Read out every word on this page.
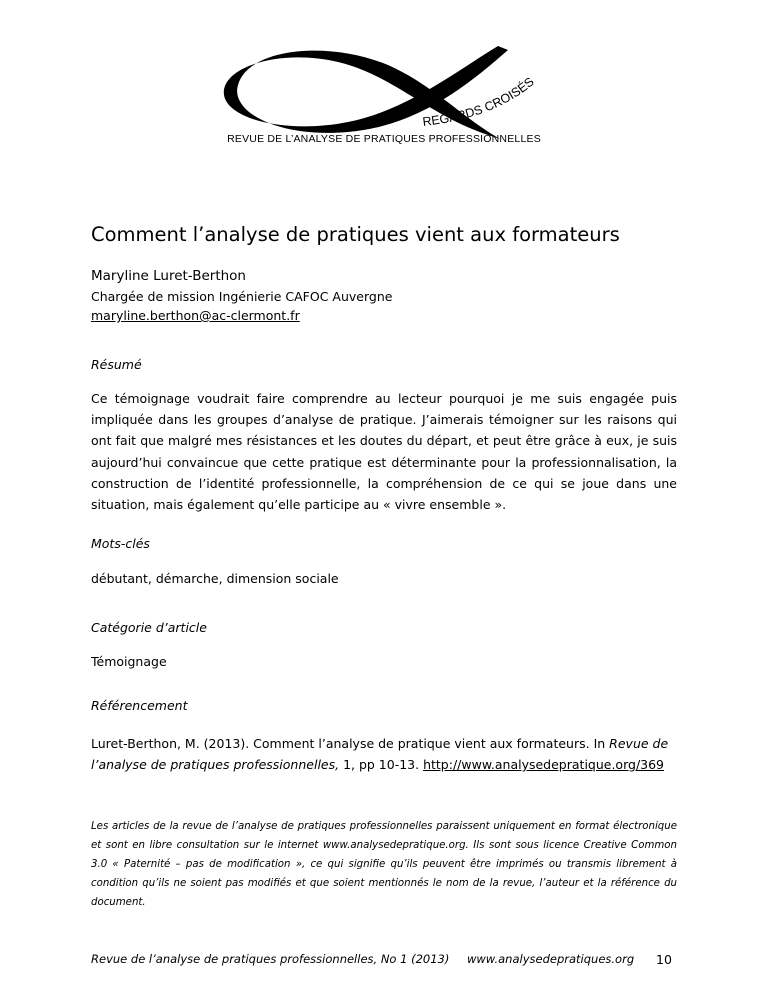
REGARDS CROISÉS
REVUE DE L’ANALYSE DE PRATIQUES PROFESSIONNELLES
Comment l’analyse de pratiques vient aux formateurs
Maryline Luret-Berthon
Chargée de mission Ingénierie CAFOC Auvergne
maryline.berthon@ac-clermont.fr
Résumé
Ce témoignage voudrait faire comprendre au lecteur pourquoi je me suis engagée puis impliquée dans les groupes d’analyse de pratique. J’aimerais témoigner sur les raisons qui ont fait que malgré mes résistances et les doutes du départ, et peut être grâce à eux, je suis aujourd’hui convaincue que cette pratique est déterminante pour la professionnalisation, la construction de l’identité professionnelle, la compréhension de ce qui se joue dans une situation, mais également qu’elle participe au « vivre ensemble ».
Mots-clés
débutant, démarche, dimension sociale
Catégorie d’article
Témoignage
Référencement
Luret-Berthon, M. (2013). Comment l’analyse de pratique vient aux formateurs. In Revue de
l’analyse de pratiques professionnelles, 1, pp 10-13. http://www.analysedepratique.org/369
Les articles de la revue de l’analyse de pratiques professionnelles paraissent uniquement en format électronique et sont en libre consultation sur le internet www.analysedepratique.org. Ils sont sous licence Creative Common 3.0 « Paternité – pas de modification », ce qui signifie qu’ils peuvent être imprimés ou transmis librement à condition qu’ils ne soient pas modifiés et que soient mentionnés le nom de la revue, l’auteur et la référence du document.
Revue de l’analyse de pratiques professionnelles, No 1 (2013) www.analysedepratiques.org 10
